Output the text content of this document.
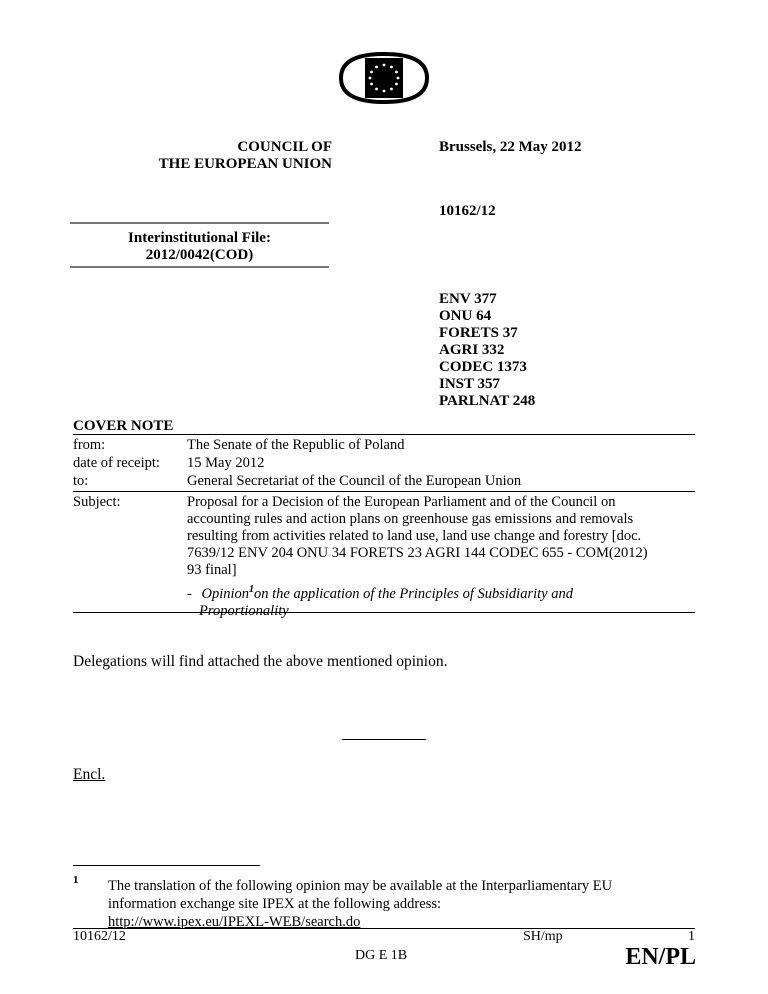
COUNCIL OF
THE EUROPEAN UNION
Brussels, 22 May 2012
10162/12
Interinstitutional File:
2012/0042(COD)
ENV 377
ONU 64
FORETS 37
AGRI 332
CODEC 1373
INST 357
PARLNAT 248
COVER NOTE
from:	The Senate of the Republic of Poland
date of receipt: 15 May 2012
to:	General Secretariat of the Council of the European Union
Subject:	Proposal for a Decision of the European Parliament and of the Council on
accounting rules and action plans on greenhouse gas emissions and removals
resulting from activities related to land use, land use change and forestry [doc.
7639/12 ENV 204 ONU 34 FORETS 23 AGRI 144 CODEC 655 - COM(2012)
93 final]
- Opinion$^1$on the application of the Principles of Subsidiarity and
Proportionality
Delegations will find attached the above mentioned opinion.
Encl.
1 The translation of the following opinion may be available at the Interparliamentary EU
information exchange site IPEX at the following address:
http://www.ipex.eu/IPEXL-WEB/search.do
10162/12	SH/mp	1
DG E 1B	EN/PL
